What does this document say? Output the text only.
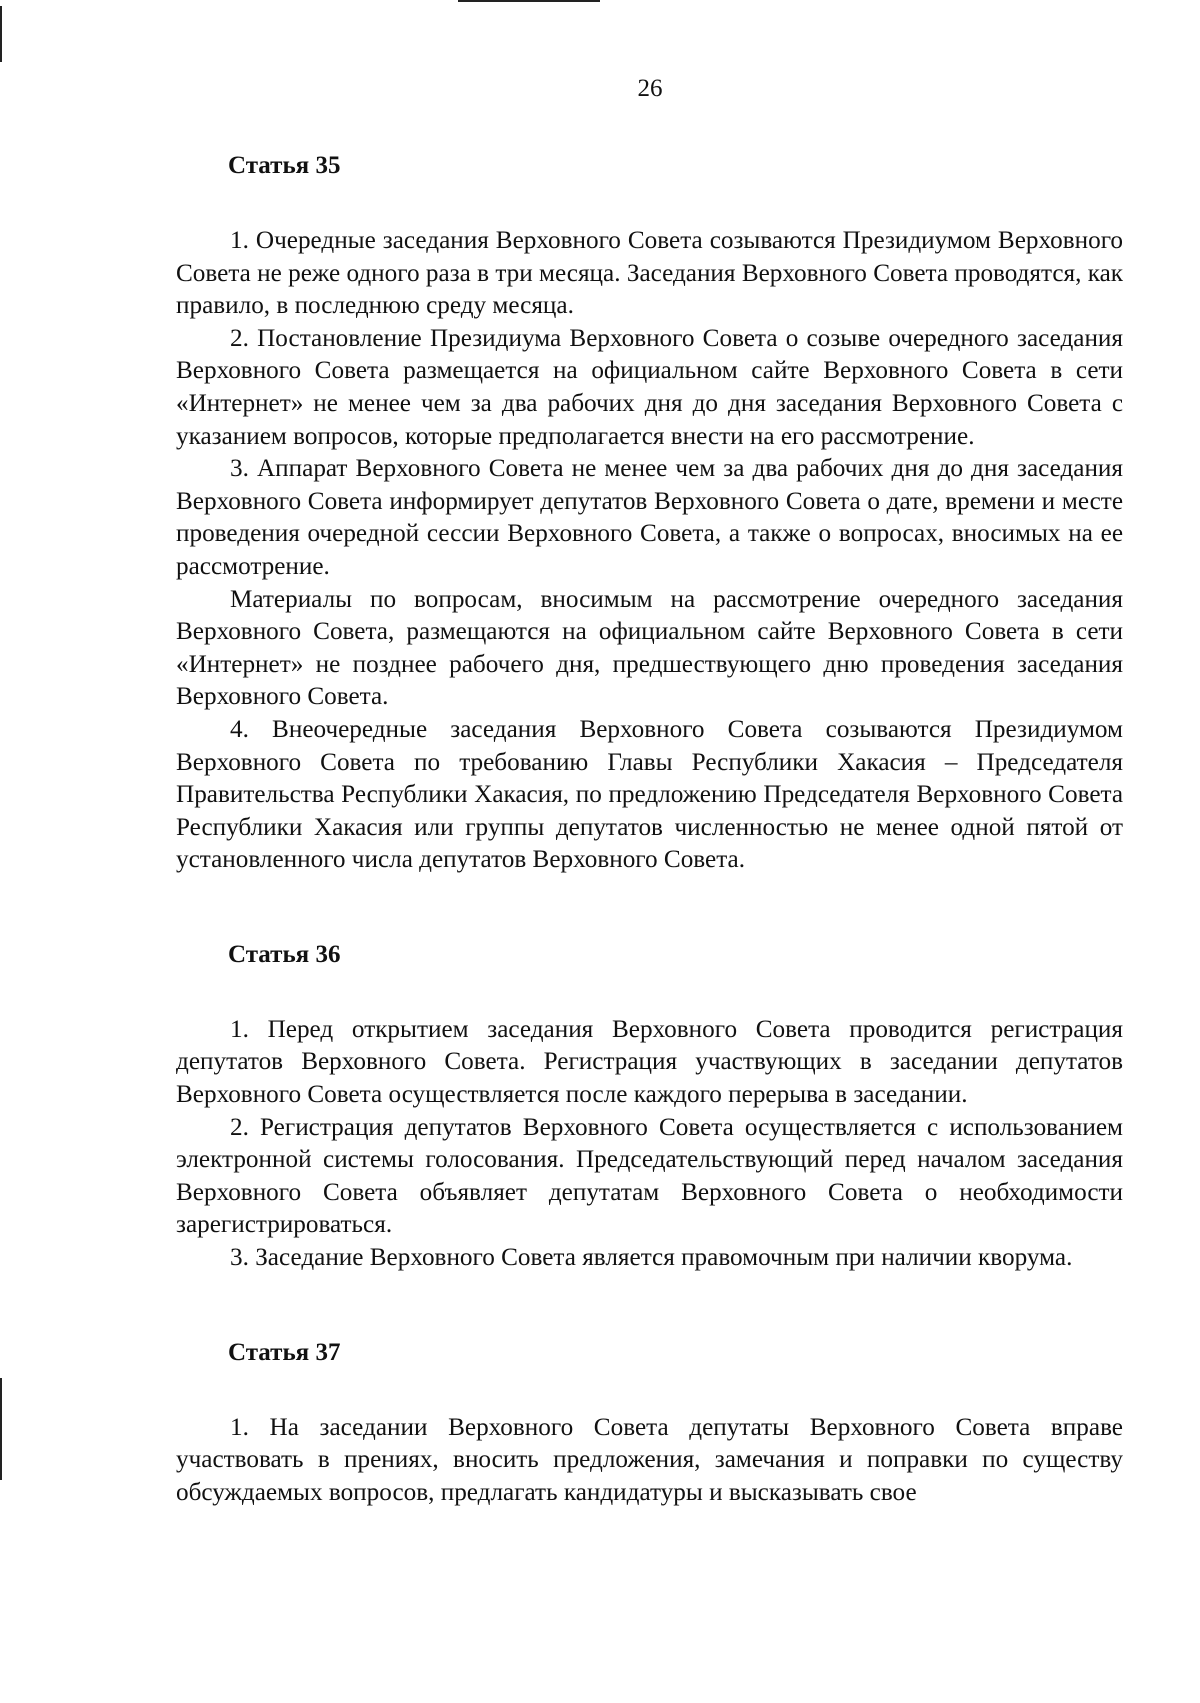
26
Статья 35

1. Очередные заседания Верховного Совета созываются Президиумом Верховного Совета не реже одного раза в три месяца. Заседания Верховного Совета проводятся, как правило, в последнюю среду месяца.

2. Постановление Президиума Верховного Совета о созыве очередного заседания Верховного Совета размещается на официальном сайте Верховного Совета в сети «Интернет» не менее чем за два рабочих дня до дня заседания Верховного Совета с указанием вопросов, которые предполагается внести на его рассмотрение.

3. Аппарат Верховного Совета не менее чем за два рабочих дня до дня заседания Верховного Совета информирует депутатов Верховного Совета о дате, времени и месте проведения очередной сессии Верховного Совета, а также о вопросах, вносимых на ее рассмотрение.

Материалы по вопросам, вносимым на рассмотрение очередного заседания Верховного Совета, размещаются на официальном сайте Верховного Совета в сети «Интернет» не позднее рабочего дня, предшествующего дню проведения заседания Верховного Совета.

4. Внеочередные заседания Верховного Совета созываются Президиумом Верховного Совета по требованию Главы Республики Хакасия – Председателя Правительства Республики Хакасия, по предложению Председателя Верховного Совета Республики Хакасия или группы депутатов численностью не менее одной пятой от установленного числа депутатов Верховного Совета.

Статья 36

1. Перед открытием заседания Верховного Совета проводится регистрация депутатов Верховного Совета. Регистрация участвующих в заседании депутатов Верховного Совета осуществляется после каждого перерыва в заседании.

2. Регистрация депутатов Верховного Совета осуществляется с использованием электронной системы голосования. Председательствующий перед началом заседания Верховного Совета объявляет депутатам Верховного Совета о необходимости зарегистрироваться.

3. Заседание Верховного Совета является правомочным при наличии кворума.

Статья 37

1. На заседании Верховного Совета депутаты Верховного Совета вправе участвовать в прениях, вносить предложения, замечания и поправки по существу обсуждаемых вопросов, предлагать кандидатуры и высказывать свое
